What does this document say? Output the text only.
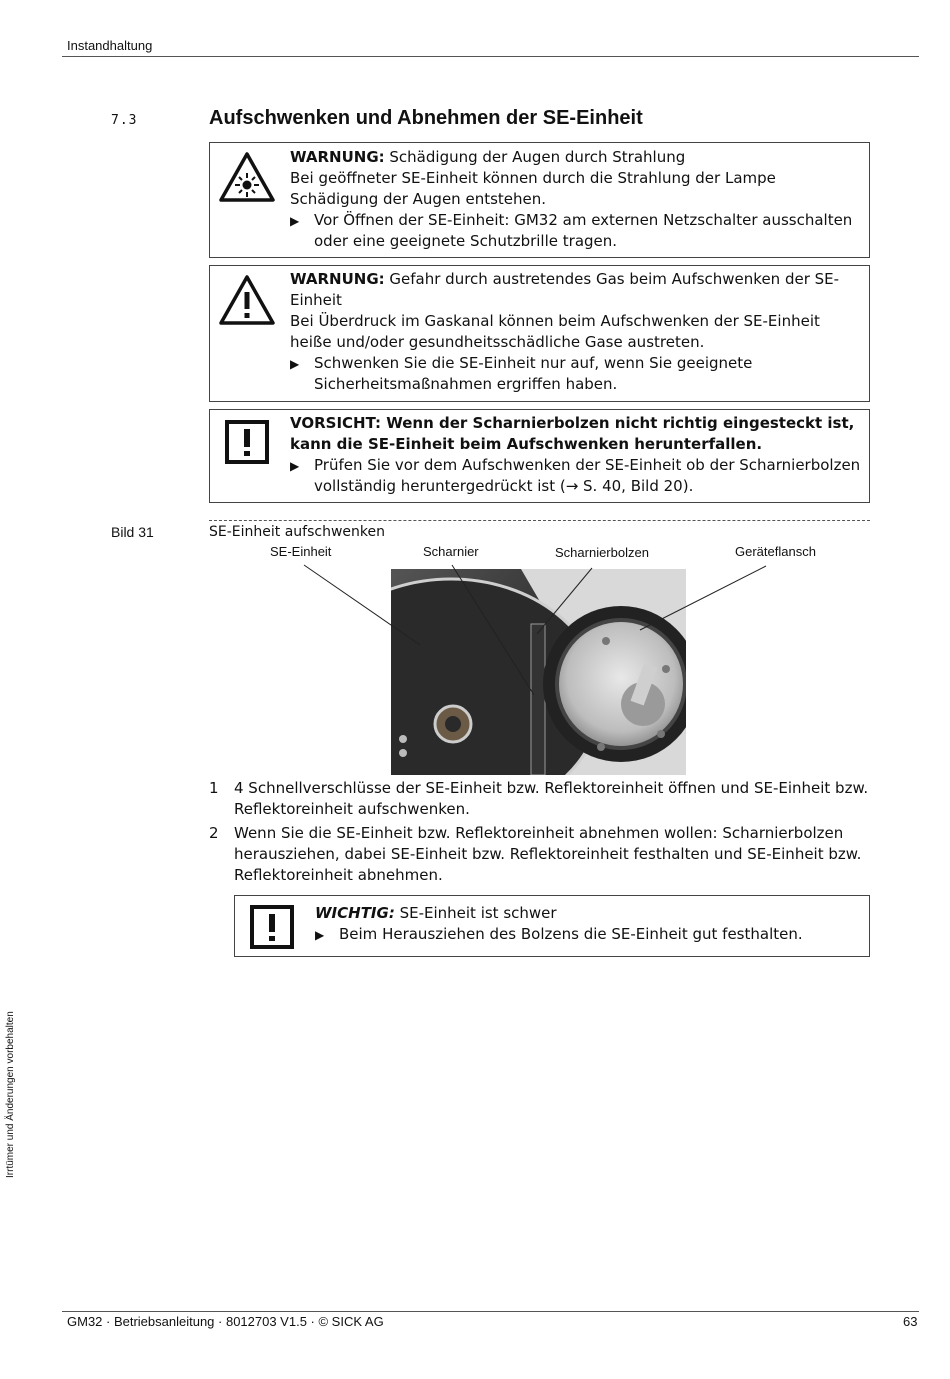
Instandhaltung
7.3	Aufschwenken und Abnehmen der SE-Einheit

WARNUNG: Schädigung der Augen durch Strahlung

Bei geöffneter SE-Einheit können durch die Strahlung der Lampe Schädigung der Augen entstehen.

▶ Vor Öffnen der SE-Einheit: GM32 am externen Netzschalter ausschalten oder eine geeignete Schutzbrille tragen.

WARNUNG: Gefahr durch austretendes Gas beim Aufschwenken der SE-Einheit

Bei Überdruck im Gaskanal können beim Aufschwenken der SE-Einheit heiße und/oder gesundheitsschädliche Gase austreten.

▶ Schwenken Sie die SE-Einheit nur auf, wenn Sie geeignete Sicherheitsmaßnahmen ergriffen haben.

VORSICHT: Wenn der Scharnierbolzen nicht richtig eingesteckt ist, kann die SE-Einheit beim Aufschwenken herunterfallen.

▶ Prüfen Sie vor dem Aufschwenken der SE-Einheit ob der Scharnierbolzen vollständig heruntergedrückt ist (→ S. 40, Bild 20).
Bild 31	SE-Einheit aufschwenken
SE-Einheit	Scharnier	Scharnierbolzen	Geräteflansch
1	4 Schnellverschlüsse der SE-Einheit bzw. Reflektoreinheit öffnen und SE-Einheit bzw. Reflektoreinheit aufschwenken.
2	Wenn Sie die SE-Einheit bzw. Reflektoreinheit abnehmen wollen: Scharnierbolzen herausziehen, dabei SE-Einheit bzw. Reflektoreinheit festhalten und SE-Einheit bzw. Reflektoreinheit abnehmen.

WICHTIG: SE-Einheit ist schwer

▶ Beim Herausziehen des Bolzens die SE-Einheit gut festhalten.
Irrtümer und Änderungen vorbehalten
GM32 · Betriebsanleitung · 8012703 V1.5 · © SICK AG	63
